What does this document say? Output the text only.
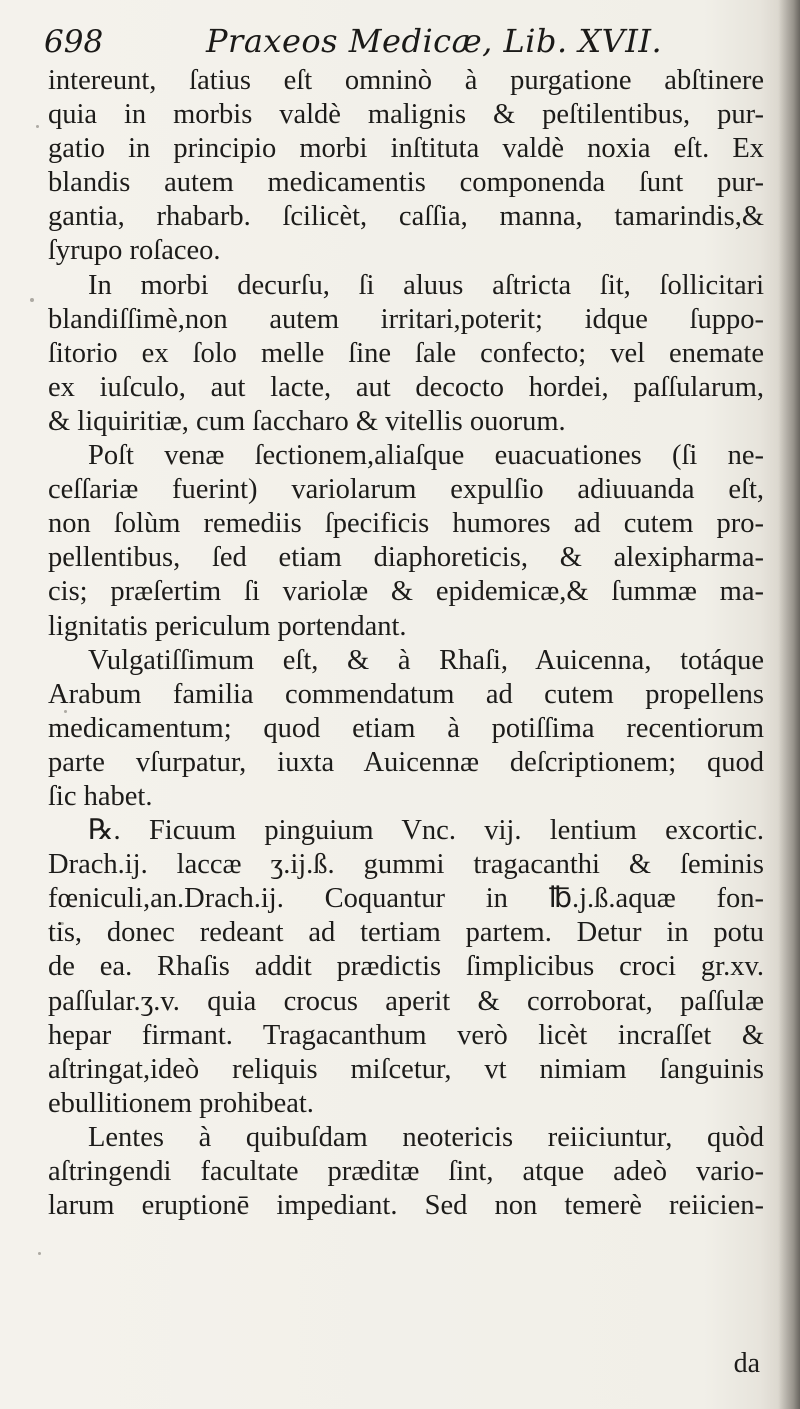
698	Praxeos Medicæ, Lib. XVII.
intereunt, ſatius eſt omninò à purgatione abſtinere
quia in morbis valdè malignis & peſtilentibus, pur-
gatio in principio morbi inſtituta valdè noxia eſt. Ex
blandis autem medicamentis componenda ſunt pur-
gantia, rhabarb. ſcilicèt, caſſia, manna, tamarindis,&
ſyrupo roſaceo.
In morbi decurſu, ſi aluus aſtricta ſit, ſollicitari
blandiſſimè,non autem irritari,poterit; idque ſuppo-
ſitorio ex ſolo melle ſine ſale confecto; vel enemate
ex iuſculo, aut lacte, aut decocto hordei, paſſularum,
& liquiritiæ, cum ſaccharo & vitellis ouorum.
Poſt venæ ſectionem,aliaſque euacuationes (ſi ne-
ceſſariæ fuerint) variolarum expulſio adiuuanda eſt,
non ſolùm remediis ſpecificis humores ad cutem pro-
pellentibus, ſed etiam diaphoreticis, & alexipharma-
cis; præſertim ſi variolæ & epidemicæ,& ſummæ ma-
lignitatis periculum portendant.
Vulgatiſſimum eſt, & à Rhaſi, Auicenna, totáque
Arabum familia commendatum ad cutem propellens
medicamentum; quod etiam à potiſſima recentiorum
parte vſurpatur, iuxta Auicennæ deſcriptionem; quod
ſic habet.
℞. Ficuum pinguium Vnc. vij. lentium excortic.
Drach.ij. laccæ ʒ.ij.ß. gummi tragacanthi & ſeminis
fœniculi,an.Drach.ij. Coquantur in ℔.j.ß.aquæ fon-
tis, donec redeant ad tertiam partem. Detur in potu
de ea. Rhaſis addit prædictis ſimplicibus croci gr.xv.
paſſular.ʒ.v. quia crocus aperit & corroborat, paſſulæ
hepar firmant. Tragacanthum verò licèt incraſſet &
aſtringat,ideò reliquis miſcetur, vt nimiam ſanguinis
ebullitionem prohibeat.
Lentes à quibuſdam neotericis reiiciuntur, quòd
aſtringendi facultate præditæ ſint, atque adeò vario-
larum eruptionē impediant. Sed non temerè reiicien-
da
